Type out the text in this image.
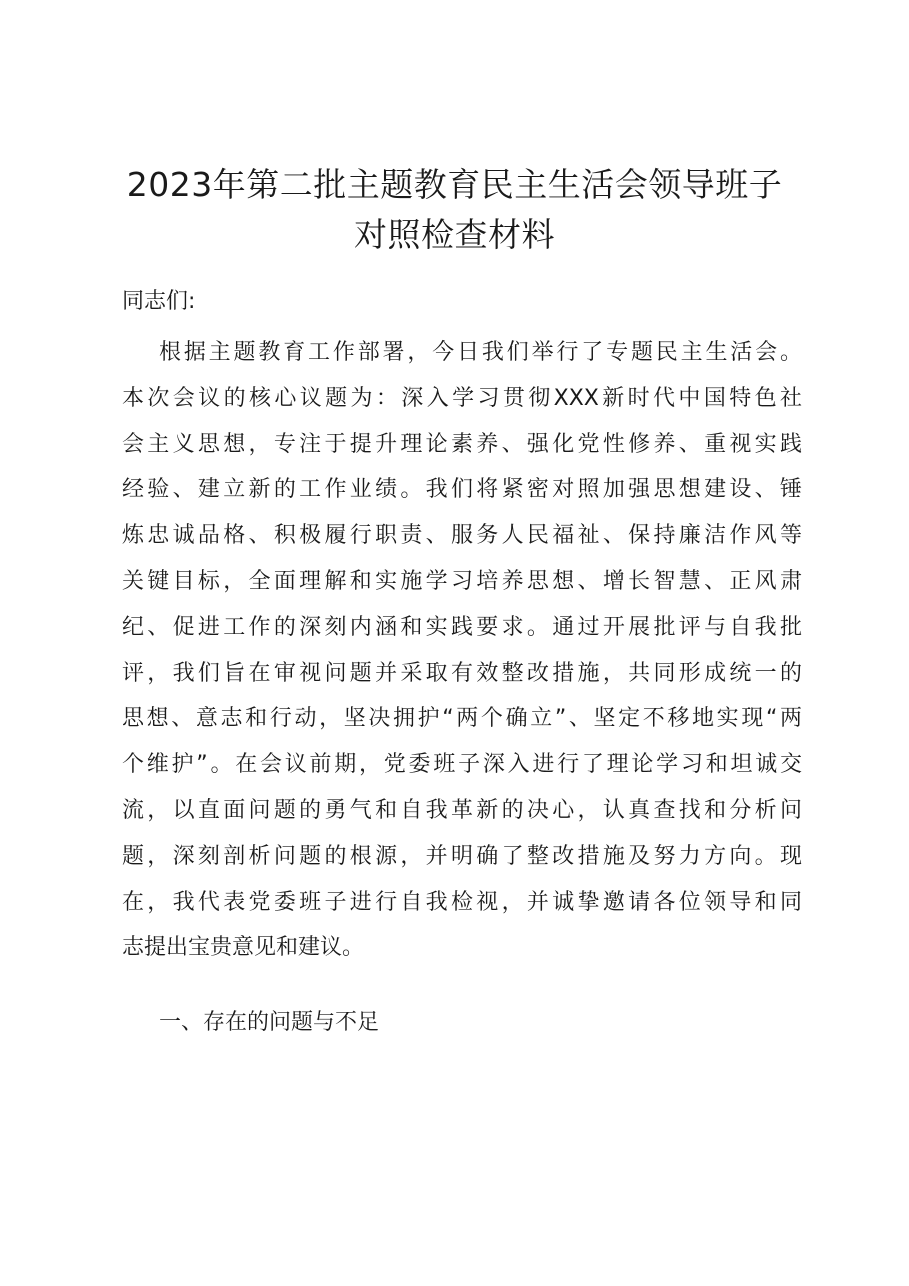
2023年第二批主题教育民主生活会领导班子
对照检查材料

同志们:

根据主题教育工作部署，今日我们举行了专题民主生活会。
本次会议的核心议题为：深入学习贯彻XXX新时代中国特色社
会主义思想，专注于提升理论素养、强化党性修养、重视实践
经验、建立新的工作业绩。我们将紧密对照加强思想建设、锤
炼忠诚品格、积极履行职责、服务人民福祉、保持廉洁作风等
关键目标，全面理解和实施学习培养思想、增长智慧、正风肃
纪、促进工作的深刻内涵和实践要求。通过开展批评与自我批
评，我们旨在审视问题并采取有效整改措施，共同形成统一的
思想、意志和行动，坚决拥护“两个确立”、坚定不移地实现“两
个维护”。在会议前期，党委班子深入进行了理论学习和坦诚交
流，以直面问题的勇气和自我革新的决心，认真查找和分析问
题，深刻剖析问题的根源，并明确了整改措施及努力方向。现
在，我代表党委班子进行自我检视，并诚挚邀请各位领导和同
志提出宝贵意见和建议。

一、存在的问题与不足
